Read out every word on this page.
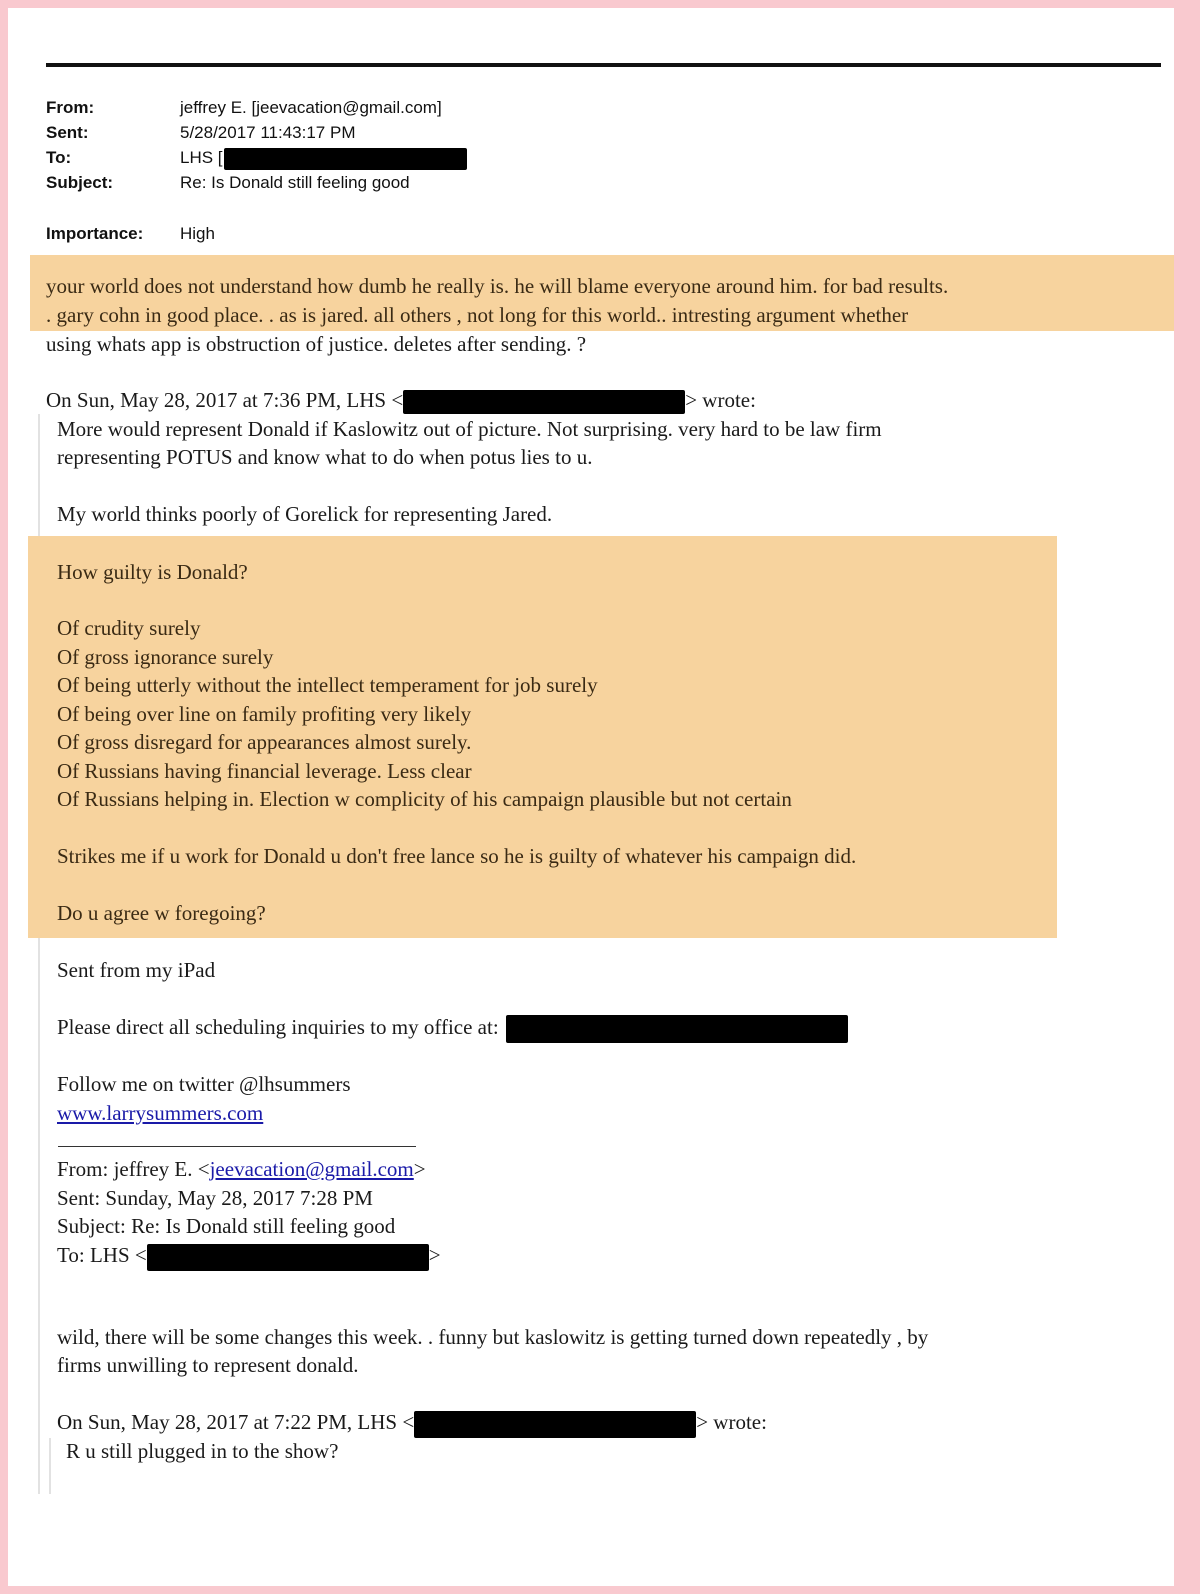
From:	jeffrey E. [jeevacation@gmail.com]
Sent:	5/28/2017 11:43:17 PM
To:	LHS [
Subject:	Re: Is Donald still feeling good
Importance: High
your world does not understand how dumb he really is. he will blame everyone around him. for bad results.
. gary cohn in good place. . as is jared. all others , not long for this world.. intresting argument whether
using whats app is obstruction of justice. deletes after sending. ?
On Sun, May 28, 2017 at 7:36 PM, LHS <	> wrote:
More would represent Donald if Kaslowitz out of picture. Not surprising. very hard to be law firm
representing POTUS and know what to do when potus lies to u.
My world thinks poorly of Gorelick for representing Jared.
How guilty is Donald?
Of crudity surely
Of gross ignorance surely
Of being utterly without the intellect temperament for job surely
Of being over line on family profiting very likely
Of gross disregard for appearances almost surely.
Of Russians having financial leverage. Less clear
Of Russians helping in. Election w complicity of his campaign plausible but not certain
Strikes me if u work for Donald u don't free lance so he is guilty of whatever his campaign did.
Do u agree w foregoing?
Sent from my iPad
Please direct all scheduling inquiries to my office at:
Follow me on twitter @lhsummers
www.larrysummers.com
From: jeffrey E. <jeevacation@gmail.com>
Sent: Sunday, May 28, 2017 7:28 PM
Subject: Re: Is Donald still feeling good
To: LHS <	>
wild, there will be some changes this week. . funny but kaslowitz is getting turned down repeatedly , by
firms unwilling to represent donald.
On Sun, May 28, 2017 at 7:22 PM, LHS <	> wrote:
R u still plugged in to the show?
